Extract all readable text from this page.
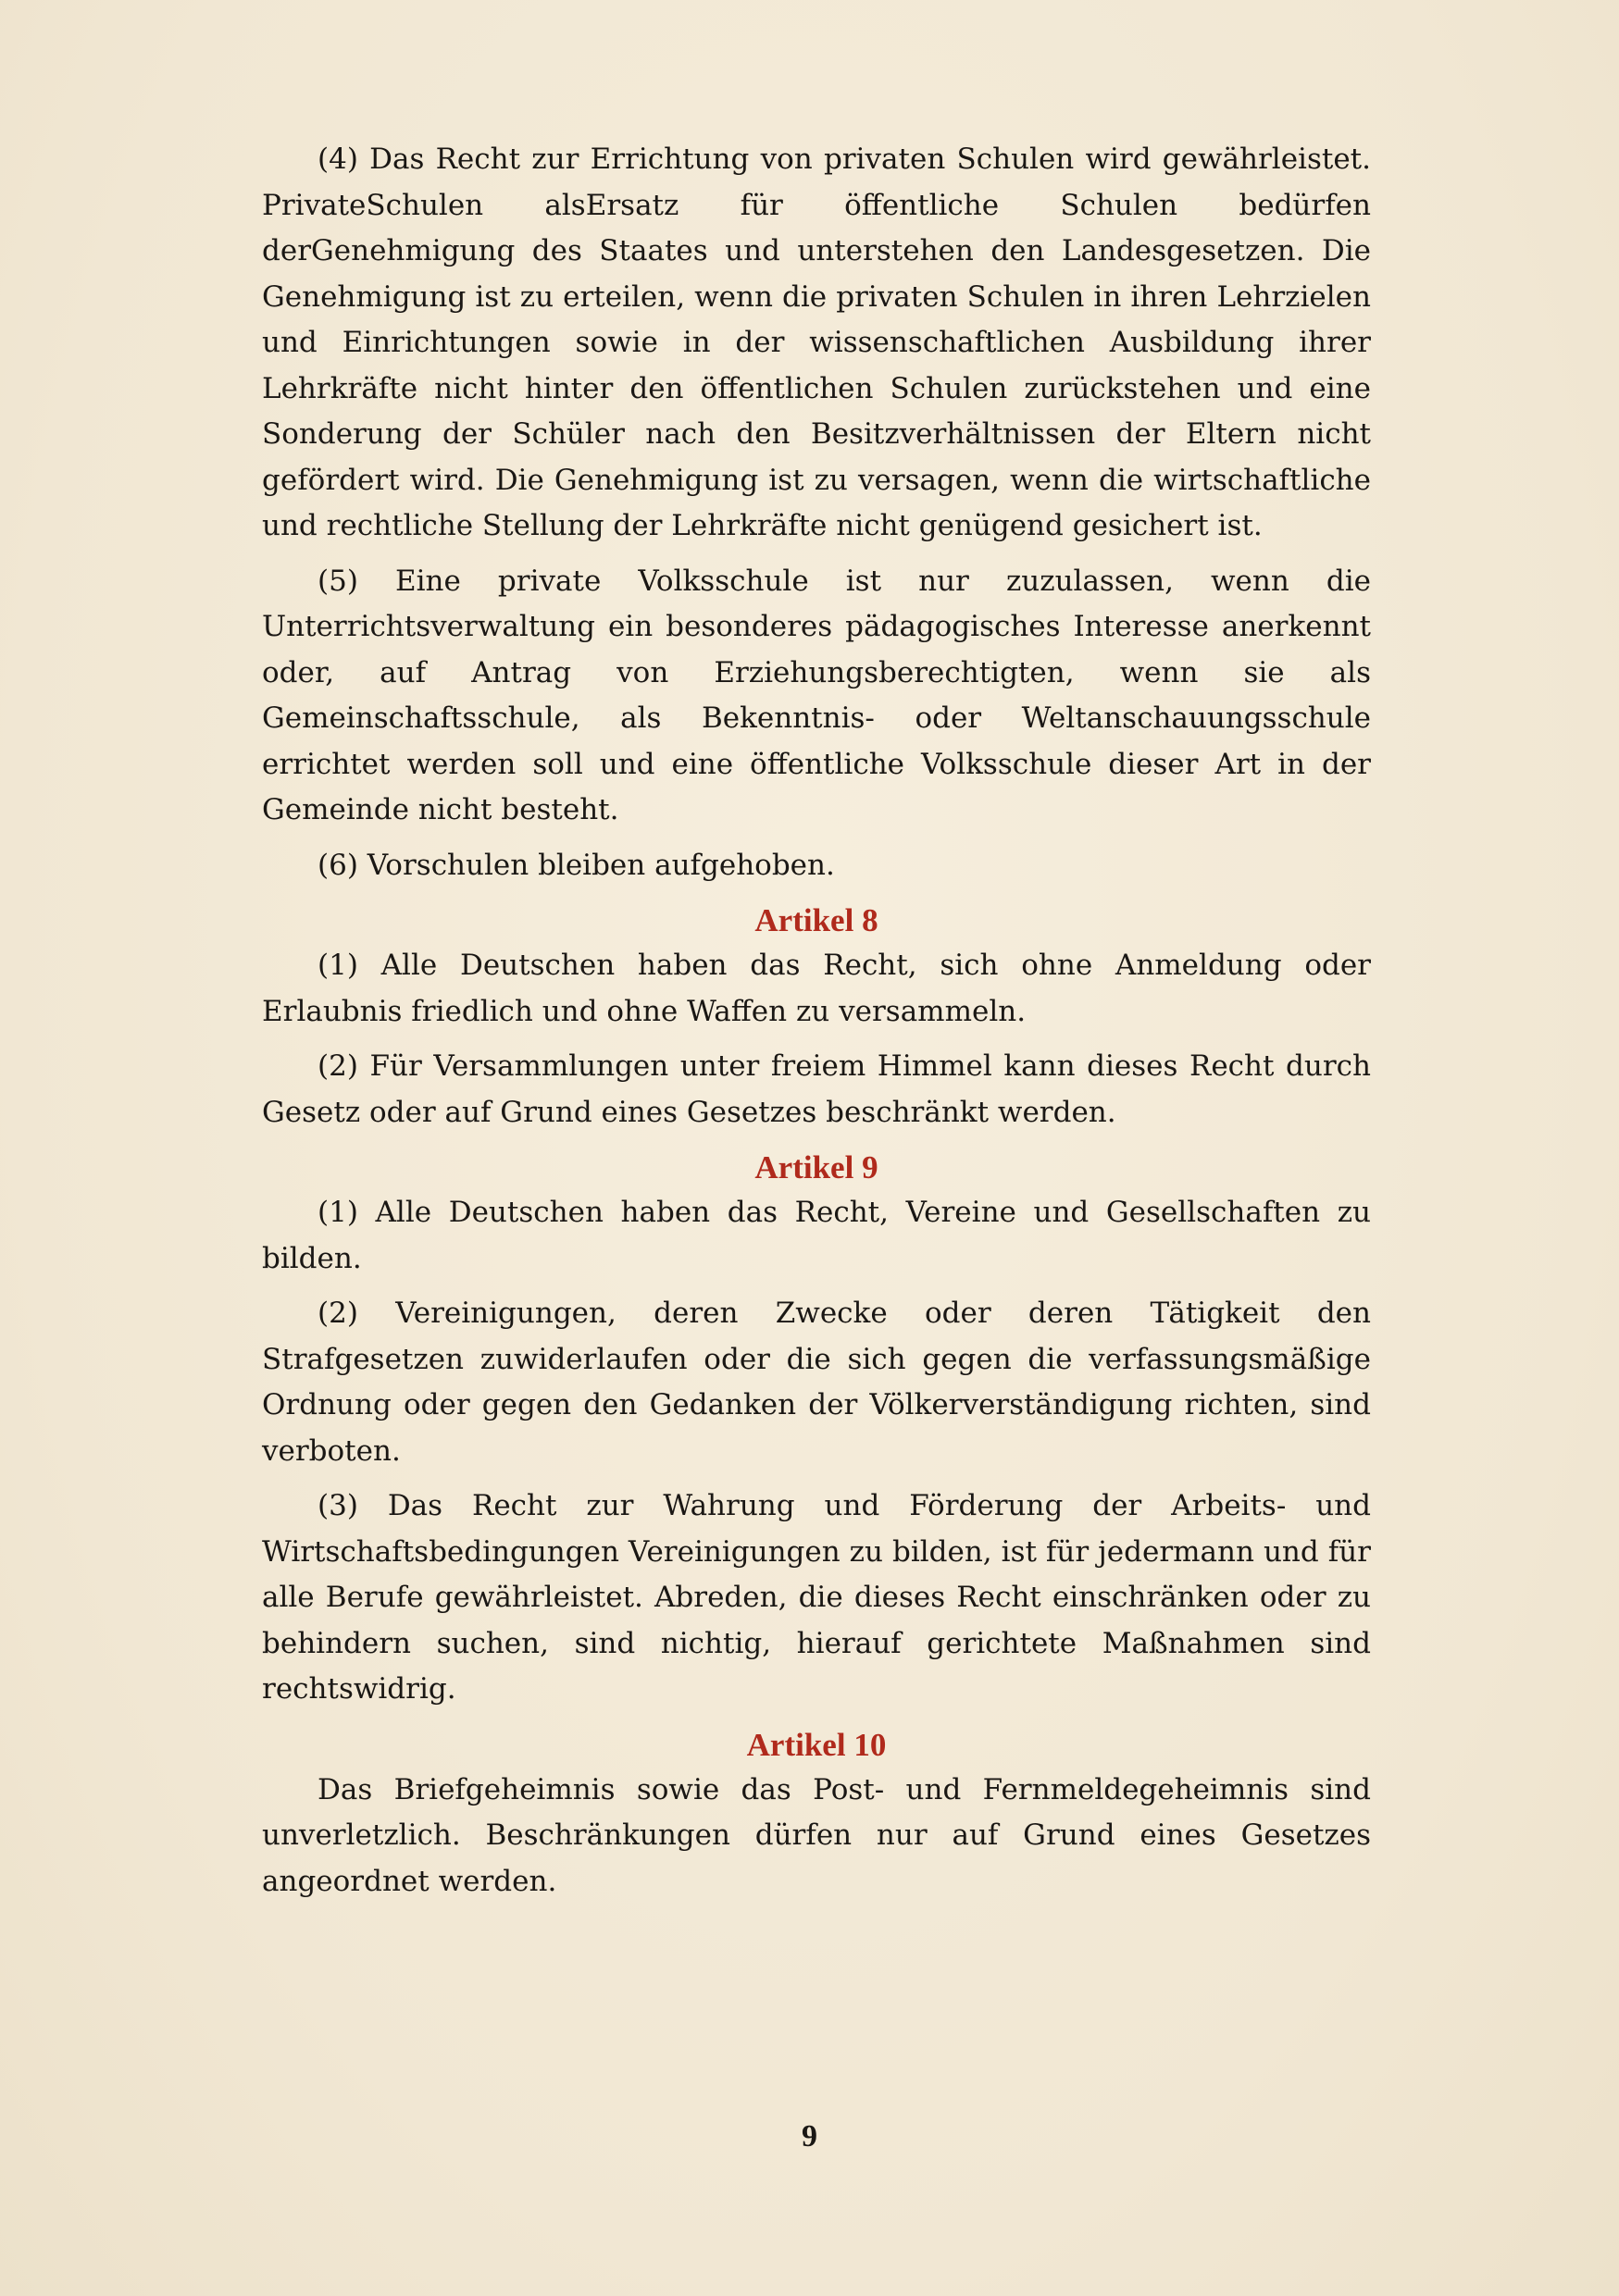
(4) Das Recht zur Errichtung von privaten Schulen wird gewährleistet. PrivateSchulen alsErsatz für öffentliche Schulen bedürfen derGenehmigung des Staates und unterstehen den Landesgesetzen. Die Genehmigung ist zu erteilen, wenn die privaten Schulen in ihren Lehrzielen und Einrichtungen sowie in der wissenschaftlichen Ausbildung ihrer Lehrkräfte nicht hinter den öffentlichen Schulen zurückstehen und eine Sonderung der Schüler nach den Besitzverhältnissen der Eltern nicht gefördert wird. Die Genehmigung ist zu versagen, wenn die wirtschaftliche und rechtliche Stellung der Lehrkräfte nicht genügend gesichert ist.

(5) Eine private Volksschule ist nur zuzulassen, wenn die Unterrichtsverwaltung ein besonderes pädagogisches Interesse anerkennt oder, auf Antrag von Erziehungsberechtigten, wenn sie als Gemeinschaftsschule, als Bekenntnis- oder Weltanschauungsschule errichtet werden soll und eine öffentliche Volksschule dieser Art in der Gemeinde nicht besteht.

(6) Vorschulen bleiben aufgehoben.

Artikel 8

(1) Alle Deutschen haben das Recht, sich ohne Anmeldung oder Erlaubnis friedlich und ohne Waffen zu versammeln.

(2) Für Versammlungen unter freiem Himmel kann dieses Recht durch Gesetz oder auf Grund eines Gesetzes beschränkt werden.

Artikel 9

(1) Alle Deutschen haben das Recht, Vereine und Gesellschaften zu bilden.

(2) Vereinigungen, deren Zwecke oder deren Tätigkeit den Strafgesetzen zuwiderlaufen oder die sich gegen die verfassungsmäßige Ordnung oder gegen den Gedanken der Völkerverständigung richten, sind verboten.

(3) Das Recht zur Wahrung und Förderung der Arbeits- und Wirtschaftsbedingungen Vereinigungen zu bilden, ist für jedermann und für alle Berufe gewährleistet. Abreden, die dieses Recht einschränken oder zu behindern suchen, sind nichtig, hierauf gerichtete Maßnahmen sind rechtswidrig.

Artikel 10

Das Briefgeheimnis sowie das Post- und Fernmeldegeheimnis sind unverletzlich. Beschränkungen dürfen nur auf Grund eines Gesetzes angeordnet werden.

9
